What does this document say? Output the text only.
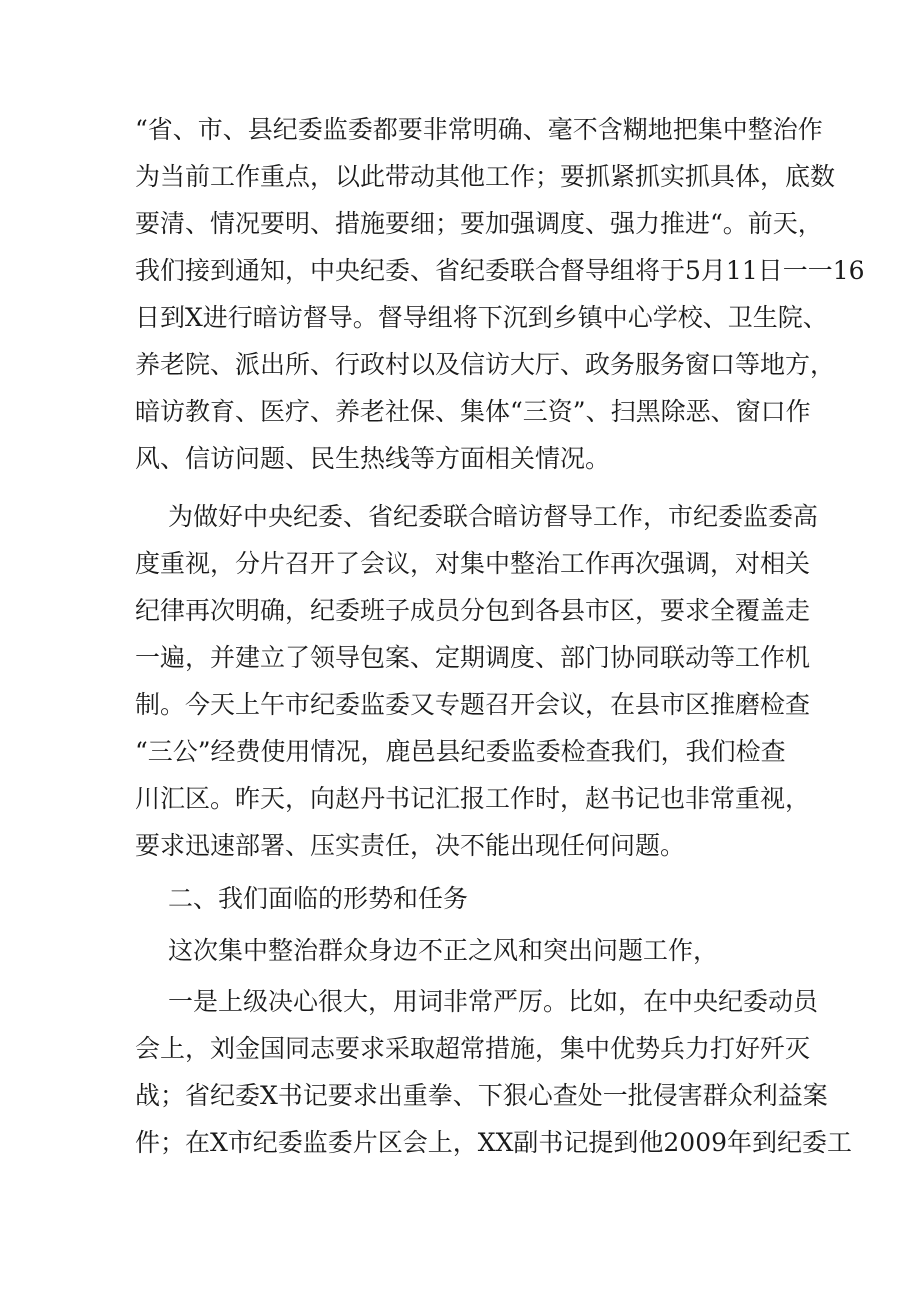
“省、市、县纪委监委都要非常明确、毫不含糊地把集中整治作
为当前工作重点，以此带动其他工作；要抓紧抓实抓具体，底数
要清、情况要明、措施要细；要加强调度、强力推进“。前天，
我们接到通知，中央纪委、省纪委联合督导组将于5月11日一一16
日到X进行暗访督导。督导组将下沉到乡镇中心学校、卫生院、
养老院、派出所、行政村以及信访大厅、政务服务窗口等地方，
暗访教育、医疗、养老社保、集体“三资”、扫黑除恶、窗口作
风、信访问题、民生热线等方面相关情况。
为做好中央纪委、省纪委联合暗访督导工作，市纪委监委高
度重视，分片召开了会议，对集中整治工作再次强调，对相关
纪律再次明确，纪委班子成员分包到各县市区，要求全覆盖走
一遍，并建立了领导包案、定期调度、部门协同联动等工作机
制。今天上午市纪委监委又专题召开会议，在县市区推磨检查
“三公”经费使用情况，鹿邑县纪委监委检查我们，我们检查
川汇区。昨天，向赵丹书记汇报工作时，赵书记也非常重视，
要求迅速部署、压实责任，决不能出现任何问题。
二、我们面临的形势和任务
这次集中整治群众身边不正之风和突出问题工作，
一是上级决心很大，用词非常严厉。比如，在中央纪委动员
会上，刘金国同志要求采取超常措施，集中优势兵力打好歼灭
战；省纪委X书记要求出重拳、下狠心查处一批侵害群众利益案
件；在X市纪委监委片区会上，XX副书记提到他2009年到纪委工
